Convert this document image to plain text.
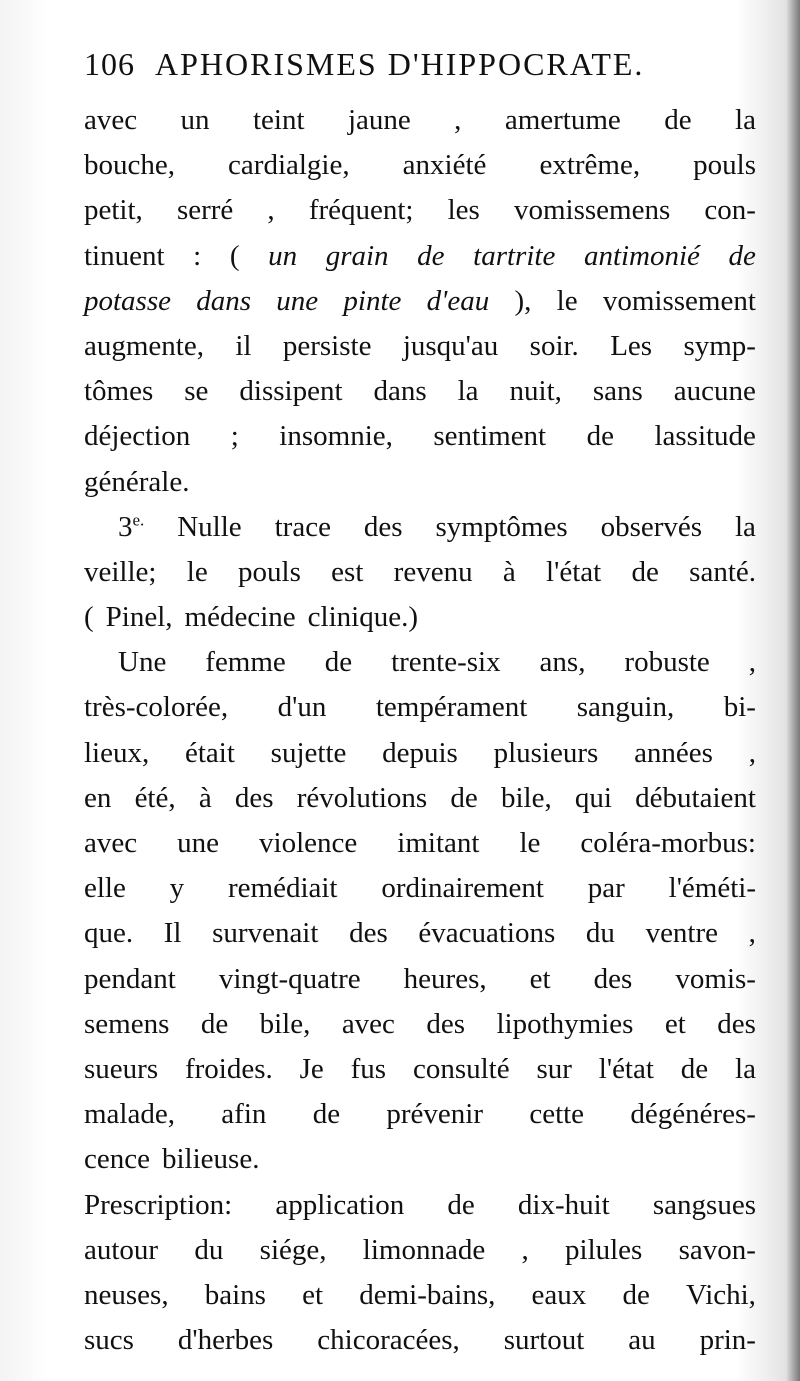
106 APHORISMES D'HIPPOCRATE.
avec un teint jaune , amertume de la
bouche, cardialgie, anxiété extrême, pouls
petit, serré , fréquent; les vomissemens con-
tinuent : ( un grain de tartrite antimonié de
potasse dans une pinte d'eau ), le vomissement
augmente, il persiste jusqu'au soir. Les symp-
tômes se dissipent dans la nuit, sans aucune
déjection ; insomnie, sentiment de lassitude
générale.
$3^{e.}$ Nulle trace des symptômes observés la
veille; le pouls est revenu à l'état de santé.
( Pinel, médecine clinique.)
Une femme de trente-six ans, robuste ,
très-colorée, d'un tempérament sanguin, bi-
lieux, était sujette depuis plusieurs années ,
en été, à des révolutions de bile, qui débutaient
avec une violence imitant le coléra-morbus:
elle y remédiait ordinairement par l'éméti-
que. Il survenait des évacuations du ventre ,
pendant vingt-quatre heures, et des vomis-
semens de bile, avec des lipothymies et des
sueurs froides. Je fus consulté sur l'état de la
malade, afin de prévenir cette dégénéres-
cence bilieuse.
Prescription: application de dix-huit sangsues
autour du siége, limonnade , pilules savon-
neuses, bains et demi-bains, eaux de Vichi,
sucs d'herbes chicoracées, surtout au prin-
